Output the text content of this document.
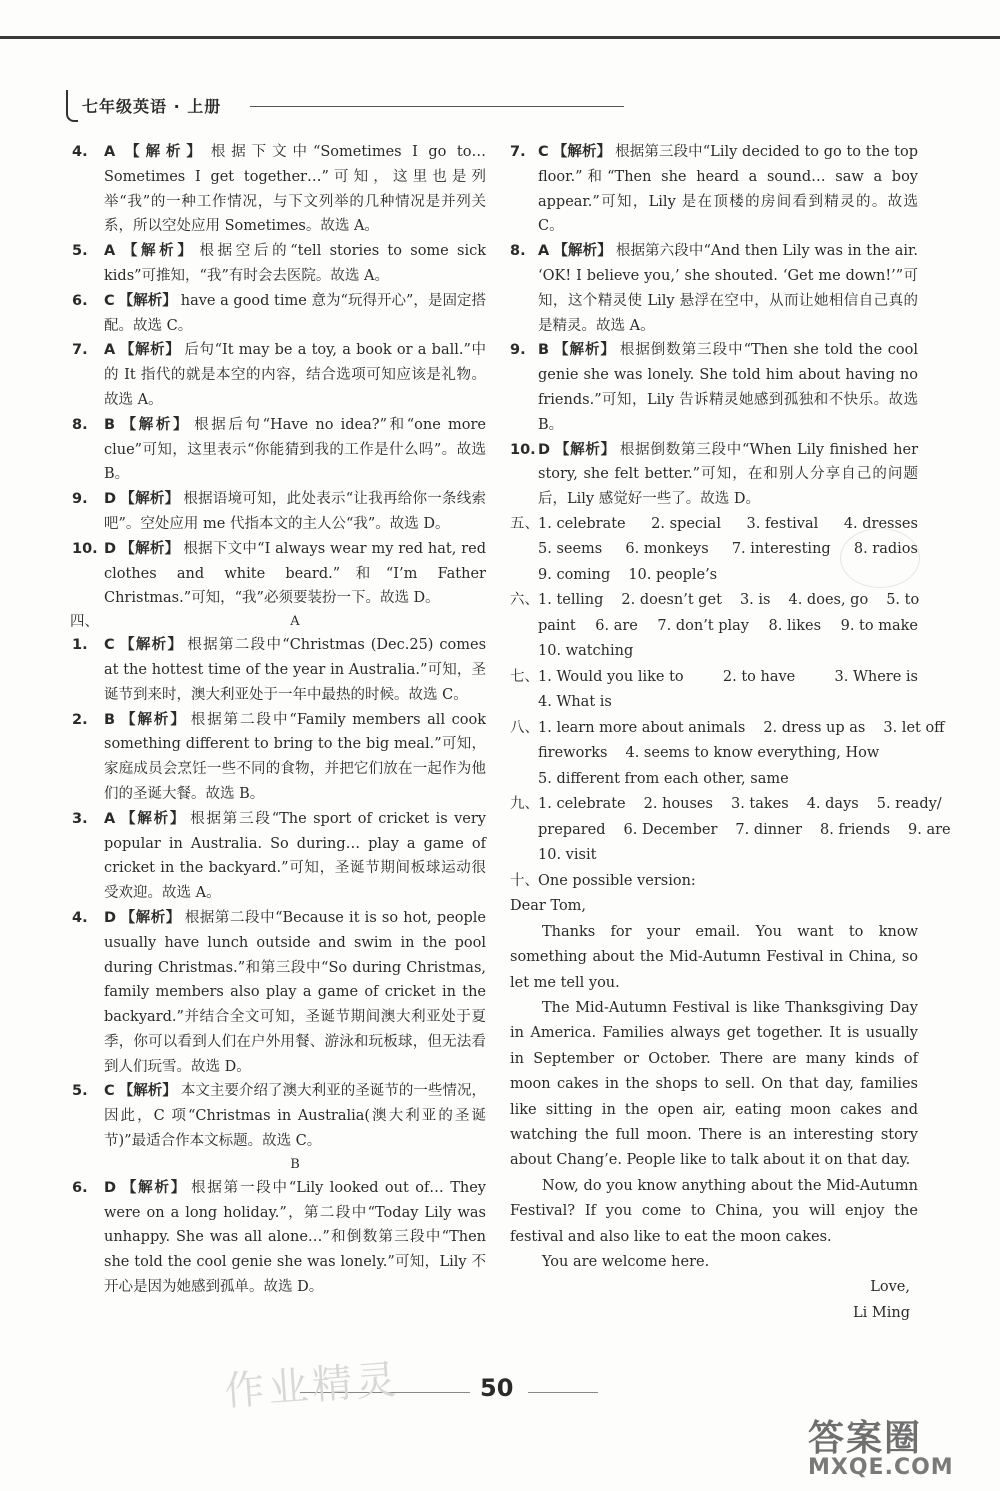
七年级英语 · 上册
4. A 【解析】 根据下文中“Sometimes I go to… Sometimes I get together…”可知，这里也是列举“我”的一种工作情况，与下文列举的几种情况是并列关系，所以空处应用 Sometimes。故选 A。
5. A 【解析】 根据空后的“tell stories to some sick kids”可推知，“我”有时会去医院。故选 A。
6. C 【解析】 have a good time 意为“玩得开心”，是固定搭配。故选 C。
7. A 【解析】 后句“It may be a toy, a book or a ball.”中的 It 指代的就是本空的内容，结合选项可知应该是礼物。故选 A。
8. B 【解析】 根据后句“Have no idea?”和“one more clue”可知，这里表示“你能猜到我的工作是什么吗”。故选 B。
9. D 【解析】 根据语境可知，此处表示“让我再给你一条线索吧”。空处应用 me 代指本文的主人公“我”。故选 D。
10. D 【解析】 根据下文中“I always wear my red hat, red clothes and white beard.”和“I’m Father Christmas.”可知，“我”必须要装扮一下。故选 D。
四、	A
1. C 【解析】 根据第二段中“Christmas (Dec.25) comes at the hottest time of the year in Australia.”可知，圣诞节到来时，澳大利亚处于一年中最热的时候。故选 C。
2. B 【解析】 根据第二段中“Family members all cook something different to bring to the big meal.”可知，家庭成员会烹饪一些不同的食物，并把它们放在一起作为他们的圣诞大餐。故选 B。
3. A 【解析】 根据第三段“The sport of cricket is very popular in Australia. So during… play a game of cricket in the backyard.”可知，圣诞节期间板球运动很受欢迎。故选 A。
4. D 【解析】 根据第二段中“Because it is so hot, people usually have lunch outside and swim in the pool during Christmas.”和第三段中“So during Christmas, family members also play a game of cricket in the backyard.”并结合全文可知，圣诞节期间澳大利亚处于夏季，你可以看到人们在户外用餐、游泳和玩板球，但无法看到人们玩雪。故选 D。
5. C 【解析】 本文主要介绍了澳大利亚的圣诞节的一些情况，因此，C 项“Christmas in Australia(澳大利亚的圣诞节)”最适合作本文标题。故选 C。
B
6. D 【解析】 根据第一段中“Lily looked out of… They were on a long holiday.”，第二段中“Today Lily was unhappy. She was all alone…”和倒数第三段中“Then she told the cool genie she was lonely.”可知，Lily 不开心是因为她感到孤单。故选 D。
7. C 【解析】 根据第三段中“Lily decided to go to the top floor.”和“Then she heard a sound… saw a boy appear.”可知，Lily 是在顶楼的房间看到精灵的。故选 C。
8. A 【解析】 根据第六段中“And then Lily was in the air. ‘OK! I believe you,’ she shouted. ‘Get me down!’”可知，这个精灵使 Lily 悬浮在空中，从而让她相信自己真的是精灵。故选 A。
9. B 【解析】 根据倒数第三段中“Then she told the cool genie she was lonely. She told him about having no friends.”可知，Lily 告诉精灵她感到孤独和不快乐。故选 B。
10. D 【解析】 根据倒数第三段中“When Lily finished her story, she felt better.”可知，在和别人分享自己的问题后，Lily 感觉好一些了。故选 D。
五、 1. celebrate 2. special 3. festival 4. dresses
5. seems 6. monkeys 7. interesting 8. radios
9. coming 10. people’s
六、 1. telling 2. doesn’t get 3. is 4. does, go 5. to
paint 6. are 7. don’t play 8. likes 9. to make
10. watching
七、 1. Would you like to	2. to have	3. Where is
4. What is
八、 1. learn more about animals 2. dress up as 3. let off
fireworks 4. seems to know everything, How
5. different from each other, same
九、 1. celebrate 2. houses 3. takes 4. days 5. ready/
prepared 6. December 7. dinner 8. friends 9. are
10. visit
十、 One possible version:

Dear Tom,

Thanks for your email. You want to know something about the Mid-Autumn Festival in China, so let me tell you.

The Mid-Autumn Festival is like Thanksgiving Day in America. Families always get together. It is usually in September or October. There are many kinds of moon cakes in the shops to sell. On that day, families like sitting in the open air, eating moon cakes and watching the full moon. There is an interesting story about Chang’e. People like to talk about it on that day.

Now, do you know anything about the Mid-Autumn Festival? If you come to China, you will enjoy the festival and also like to eat the moon cakes.

You are welcome here.

Love,

Li Ming

50
作业精灵
答案圈
MXQE.COM
